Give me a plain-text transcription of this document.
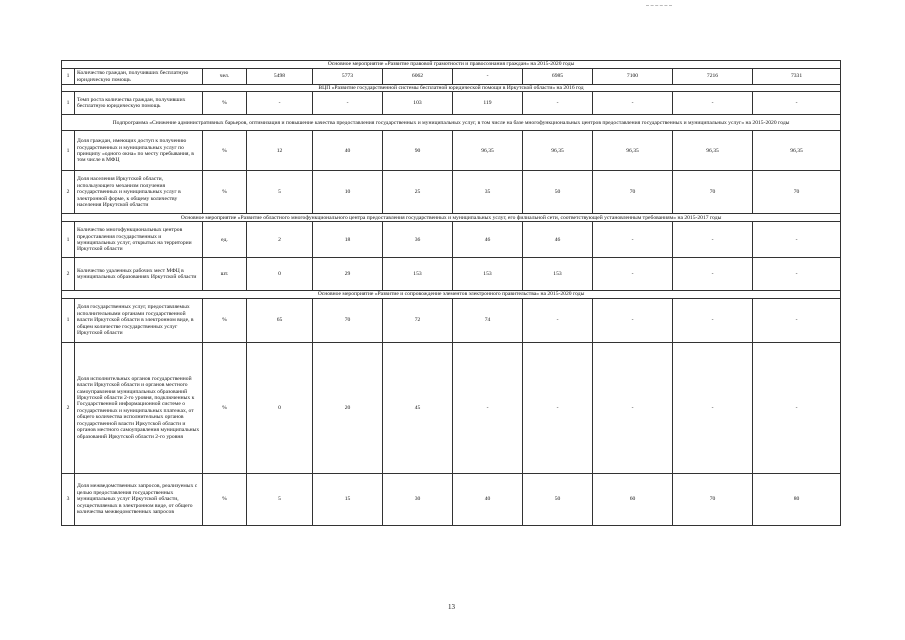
Основное мероприятие «Развитие правовой грамотности и правосознания граждан» на 2015-2020 годы										
1	Количество граждан, получивших бесплатную юридическую помощь	чел.	5498	5773	6062	-	6985	7100	7216	7331
ВЦП «Развитие государственной системы бесплатной юридической помощи в Иркутской области» на 2016 год										
1	Темп роста количества граждан, получивших бесплатную юридическую помощь	%	-	-	103	119	-	-	-	-
Подпрограмма «Снижение административных барьеров, оптимизация и повышение качества предоставления государственных и муниципальных услуг, в том числе на базе многофункциональных центров предоставления государственных и муниципальных услуг» на 2015-2020 годы										
1	Доля граждан, имеющих доступ к получению государственных и муниципальных услуг по принципу «одного окна» по месту пребывания, в том числе в МФЦ	%	12	40	90	96,35	96,35	96,35	96,35	96,35
2	Доля населения Иркутской области, использующего механизм получения государственных и муниципальных услуг в электронной форме, к общему количеству населения Иркутской области	%	5	10	25	35	50	70	70	70
Основное мероприятие «Развитие областного многофункционального центра предоставления государственных и муниципальных услуг, его филиальной сети, соответствующей установленным требованиям» на 2015-2017 годы										
1	Количество многофункциональных центров предоставления государственных и муниципальных услуг, открытых на территории Иркутской области	ед.	2	18	36	46	46	-	-	-
2	Количество удаленных рабочих мест МФЦ в муниципальных образованиях Иркутской области	шт.	0	29	153	153	153	-	-	-
Основное мероприятие «Развитие и сопровождение элементов электронного правительства» на 2015-2020 годы										
1	Доля государственных услуг, предоставляемых исполнительными органами государственной власти Иркутской области в электронном виде, в общем количестве государственных услуг Иркутской области	%	65	70	72	74	-	-	-	-
2	Доля исполнительных органов государственной власти Иркутской области и органов местного самоуправления муниципальных образований Иркутской области 2-го уровня, подключенных к Государственной информационной системе о государственных и муниципальных платежах, от общего количества исполнительных органов государственной власти Иркутской области и органов местного самоуправления муниципальных образований Иркутской области 2-го уровня	%	0	20	45	-	-	-	-	-
3	Доля межведомственных запросов, реализуемых с целью предоставления государственных муниципальных услуг Иркутской области, осуществляемых в электронном виде, от общего количества межведомственных запросов	%	5	15	30	40	50	60	70	80
13
